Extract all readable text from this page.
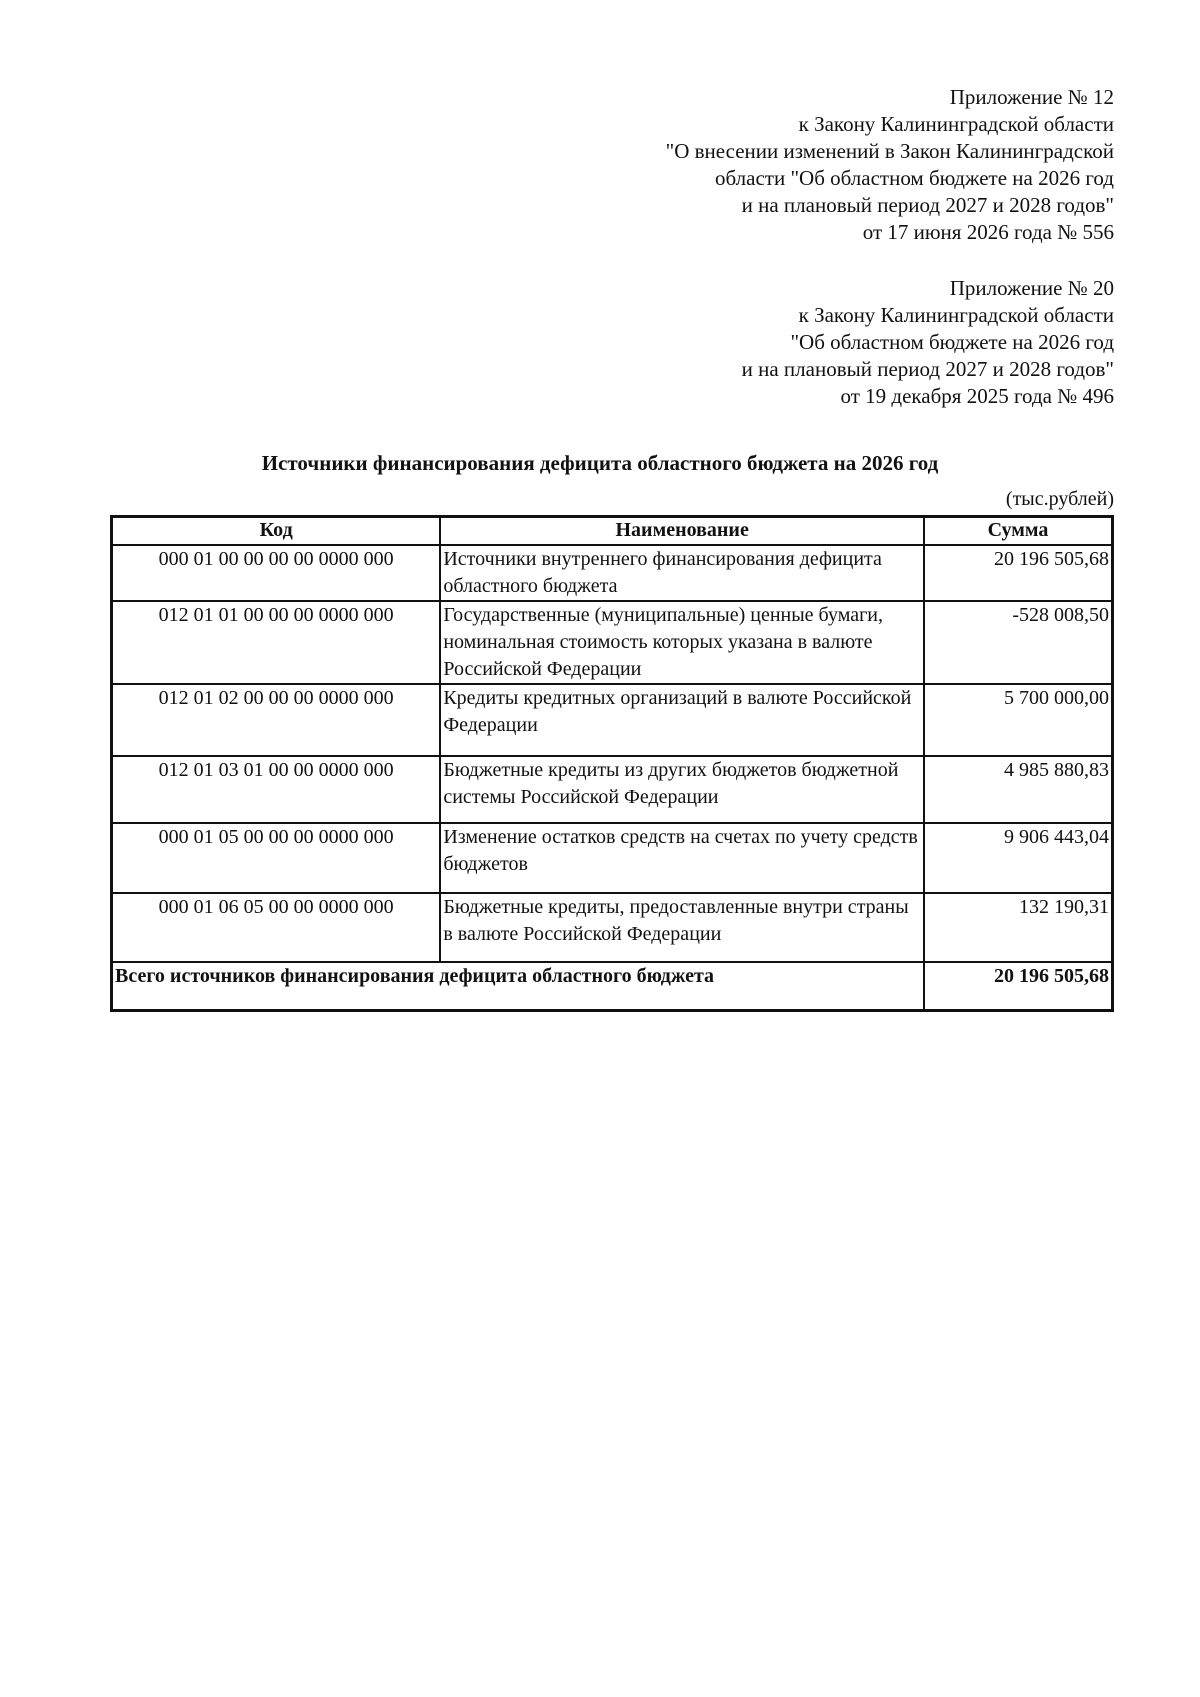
Приложение № 12
к Закону Калининградской области
"О внесении изменений в Закон Калининградской
области "Об областном бюджете на 2026 год
и на плановый период 2027 и 2028 годов"
от 17 июня 2026 года № 556
Приложение № 20
к Закону Калининградской области
"Об областном бюджете на 2026 год
и на плановый период 2027 и 2028 годов"
от 19 декабря 2025 года № 496
Источники финансирования дефицита областного бюджета на 2026 год
(тыс.рублей)
Код	Наименование	Сумма
000 01 00 00 00 00 0000 000	Источники внутреннего финансирования дефицита областного бюджета	20 196 505,68
012 01 01 00 00 00 0000 000	Государственные (муниципальные) ценные бумаги, номинальная стоимость которых указана в валюте Российской Федерации	-528 008,50
012 01 02 00 00 00 0000 000	Кредиты кредитных организаций в валюте Российской Федерации	5 700 000,00
012 01 03 01 00 00 0000 000	Бюджетные кредиты из других бюджетов бюджетной системы Российской Федерации	4 985 880,83
000 01 05 00 00 00 0000 000	Изменение остатков средств на счетах по учету средств бюджетов	9 906 443,04
000 01 06 05 00 00 0000 000	Бюджетные кредиты, предоставленные внутри страны в валюте Российской Федерации	132 190,31
Всего источников финансирования дефицита областного бюджета		20 196 505,68
